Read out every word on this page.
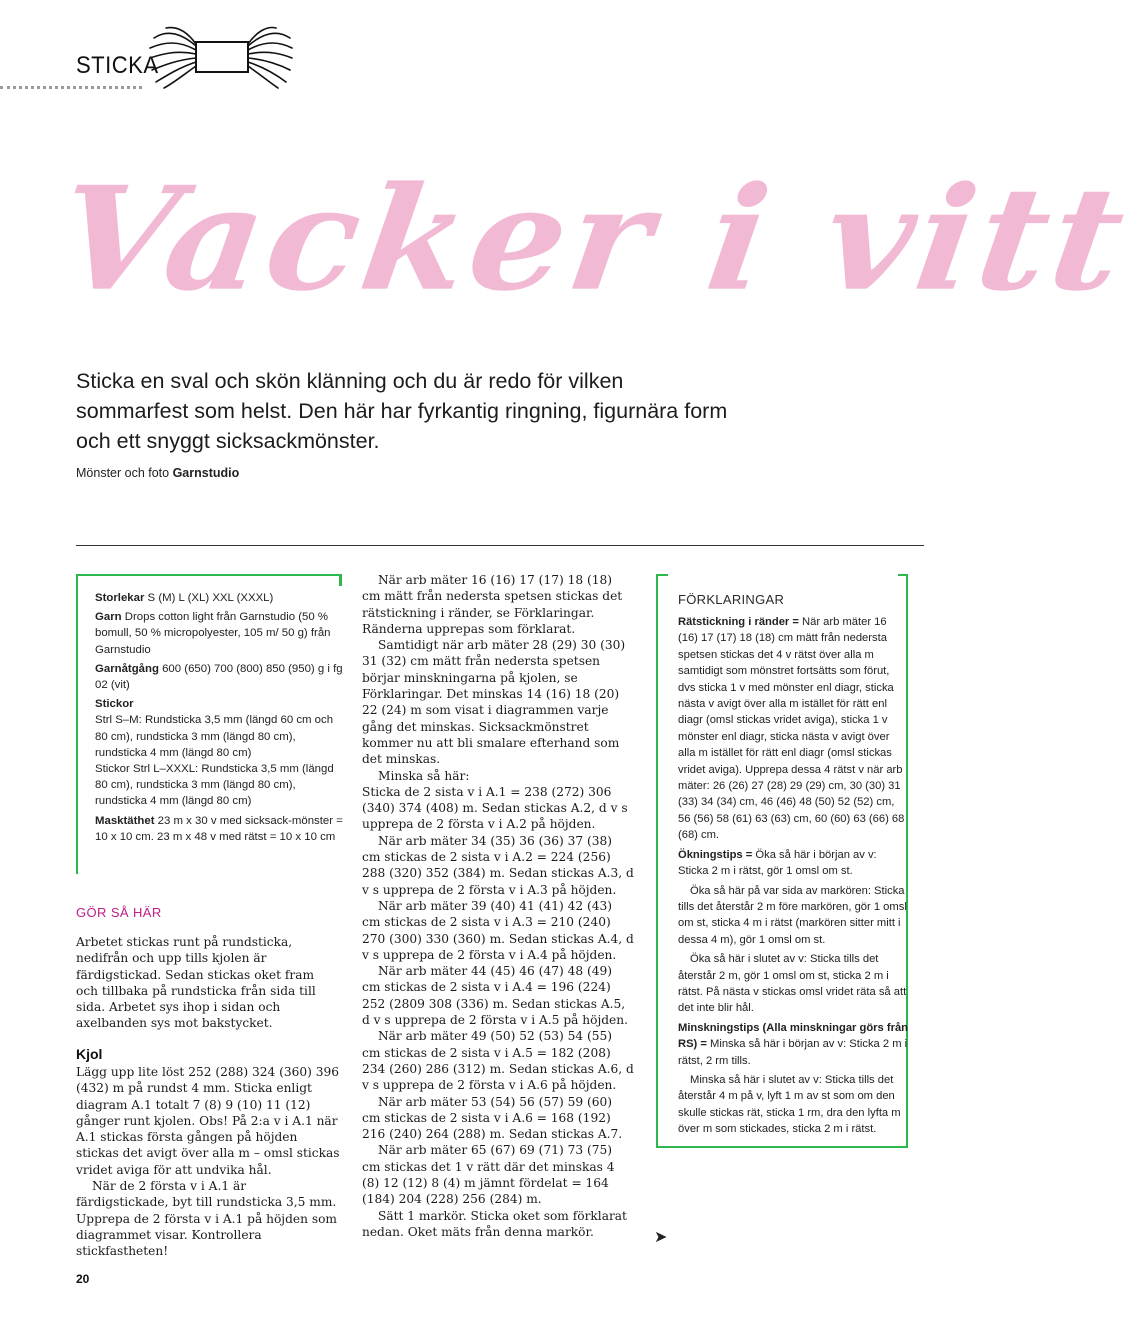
STICKA
Vacker i vitt
Sticka en sval och skön klänning och du är redo för vilken sommarfest som helst. Den här har fyrkantig ringning, figurnära form och ett snyggt sicksackmönster.
Mönster och foto Garnstudio
Storlekar S (M) L (XL) XXL (XXXL)
Garn Drops cotton light från Garnstudio (50 % bomull, 50 % micropolyester, 105 m/ 50 g) från Garnstudio
Garnåtgång 600 (650) 700 (800) 850 (950) g i fg 02 (vit)
Stickor
Strl S–M: Rundsticka 3,5 mm (längd 60 cm och 80 cm), rundsticka 3 mm (längd 80 cm), rundsticka 4 mm (längd 80 cm)
Stickor Strl L–XXXL: Rundsticka 3,5 mm (längd 80 cm), rundsticka 3 mm (längd 80 cm), rundsticka 4 mm (längd 80 cm)
Masktäthet 23 m x 30 v med sicksack-mönster = 10 x 10 cm. 23 m x 48 v med rätst = 10 x 10 cm
GÖR SÅ HÄR

Arbetet stickas runt på rundsticka, nedifrån och upp tills kjolen är färdigstickad. Sedan stickas oket fram och tillbaka på rundsticka från sida till sida. Arbetet sys ihop i sidan och axelbanden sys mot bakstycket.

Kjol

Lägg upp lite löst 252 (288) 324 (360) 396 (432) m på rundst 4 mm. Sticka enligt diagram A.1 totalt 7 (8) 9 (10) 11 (12) gånger runt kjolen. Obs! På 2:a v i A.1 när A.1 stickas första gången på höjden stickas det avigt över alla m – omsl stickas vridet aviga för att undvika hål.

När de 2 första v i A.1 är färdigstickade, byt till rundsticka 3,5 mm. Upprepa de 2 första v i A.1 på höjden som diagrammet visar. Kontrollera stickfastheten!

När arb mäter 16 (16) 17 (17) 18 (18) cm mätt från nedersta spetsen stickas det rätstickning i ränder, se Förklaringar. Ränderna upprepas som förklarat.

Samtidigt när arb mäter 28 (29) 30 (30) 31 (32) cm mätt från nedersta spetsen börjar minskningarna på kjolen, se Förklaringar. Det minskas 14 (16) 18 (20) 22 (24) m som visat i diagrammen varje gång det minskas. Sicksackmönstret kommer nu att bli smalare efterhand som det minskas.

Minska så här:

Sticka de 2 sista v i A.1 = 238 (272) 306 (340) 374 (408) m. Sedan stickas A.2, d v s upprepa de 2 första v i A.2 på höjden.

När arb mäter 34 (35) 36 (36) 37 (38) cm stickas de 2 sista v i A.2 = 224 (256) 288 (320) 352 (384) m. Sedan stickas A.3, d v s upprepa de 2 första v i A.3 på höjden.

När arb mäter 39 (40) 41 (41) 42 (43) cm stickas de 2 sista v i A.3 = 210 (240) 270 (300) 330 (360) m. Sedan stickas A.4, d v s upprepa de 2 första v i A.4 på höjden.

När arb mäter 44 (45) 46 (47) 48 (49) cm stickas de 2 sista v i A.4 = 196 (224) 252 (2809 308 (336) m. Sedan stickas A.5, d v s upprepa de 2 första v i A.5 på höjden.

När arb mäter 49 (50) 52 (53) 54 (55) cm stickas de 2 sista v i A.5 = 182 (208) 234 (260) 286 (312) m. Sedan stickas A.6, d v s upprepa de 2 första v i A.6 på höjden.

När arb mäter 53 (54) 56 (57) 59 (60) cm stickas de 2 sista v i A.6 = 168 (192) 216 (240) 264 (288) m. Sedan stickas A.7.

När arb mäter 65 (67) 69 (71) 73 (75) cm stickas det 1 v rätt där det minskas 4 (8) 12 (12) 8 (4) m jämnt fördelat = 164 (184) 204 (228) 256 (284) m.

Sätt 1 markör. Sticka oket som förklarat nedan. Oket mäts från denna markör.	➤
FÖRKLARINGAR

Rätstickning i ränder = När arb mäter 16 (16) 17 (17) 18 (18) cm mätt från nedersta spetsen stickas det 4 v rätst över alla m samtidigt som mönstret fortsätts som förut, dvs sticka 1 v med mönster enl diagr, sticka nästa v avigt över alla m istället för rätt enl diagr (omsl stickas vridet aviga), sticka 1 v mönster enl diagr, sticka nästa v avigt över alla m istället för rätt enl diagr (omsl stickas vridet aviga). Upprepa dessa 4 rätst v när arb mäter: 26 (26) 27 (28) 29 (29) cm, 30 (30) 31 (33) 34 (34) cm, 46 (46) 48 (50) 52 (52) cm, 56 (56) 58 (61) 63 (63) cm, 60 (60) 63 (66) 68 (68) cm.

Ökningstips = Öka så här i början av v: Sticka 2 m i rätst, gör 1 omsl om st.

Öka så här på var sida av markören: Sticka tills det återstår 2 m före markören, gör 1 omsl om st, sticka 4 m i rätst (markören sitter mitt i dessa 4 m), gör 1 omsl om st.

Öka så här i slutet av v: Sticka tills det återstår 2 m, gör 1 omsl om st, sticka 2 m i rätst. På nästa v stickas omsl vridet räta så att det inte blir hål.

Minskningstips (Alla minskningar görs från RS) = Minska så här i början av v: Sticka 2 m i rätst, 2 rm tills.

Minska så här i slutet av v: Sticka tills det återstår 4 m på v, lyft 1 m av st som om den skulle stickas rät, sticka 1 rm, dra den lyfta m över m som stickades, sticka 2 m i rätst.

20
